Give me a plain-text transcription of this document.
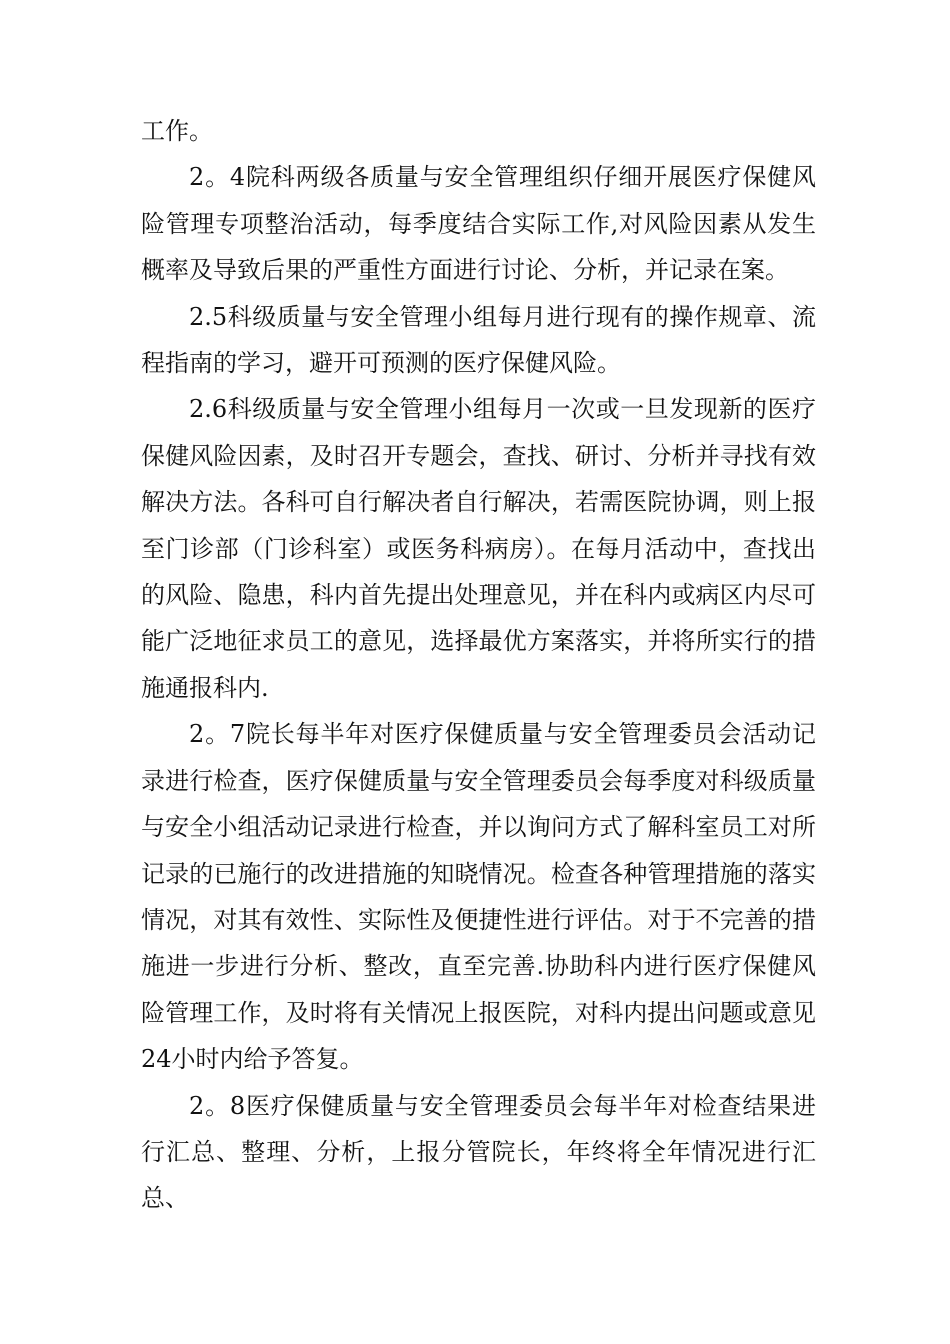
工作。

2。4院科两级各质量与安全管理组织仔细开展医疗保健风险管理专项整治活动，每季度结合实际工作,对风险因素从发生概率及导致后果的严重性方面进行讨论、分析，并记录在案。

2.5科级质量与安全管理小组每月进行现有的操作规章、流程指南的学习，避开可预测的医疗保健风险。

2.6科级质量与安全管理小组每月一次或一旦发现新的医疗保健风险因素，及时召开专题会，查找、研讨、分析并寻找有效解决方法。各科可自行解决者自行解决，若需医院协调，则上报至门诊部（门诊科室）或医务科病房）。在每月活动中，查找出的风险、隐患，科内首先提出处理意见，并在科内或病区内尽可能广泛地征求员工的意见，选择最优方案落实，并将所实行的措施通报科内.

2。7院长每半年对医疗保健质量与安全管理委员会活动记录进行检查，医疗保健质量与安全管理委员会每季度对科级质量与安全小组活动记录进行检查，并以询问方式了解科室员工对所记录的已施行的改进措施的知晓情况。检查各种管理措施的落实情况，对其有效性、实际性及便捷性进行评估。对于不完善的措施进一步进行分析、整改，直至完善.协助科内进行医疗保健风险管理工作，及时将有关情况上报医院，对科内提出问题或意见24小时内给予答复。

2。8医疗保健质量与安全管理委员会每半年对检查结果进行汇总、整理、分析，上报分管院长，年终将全年情况进行汇总、
